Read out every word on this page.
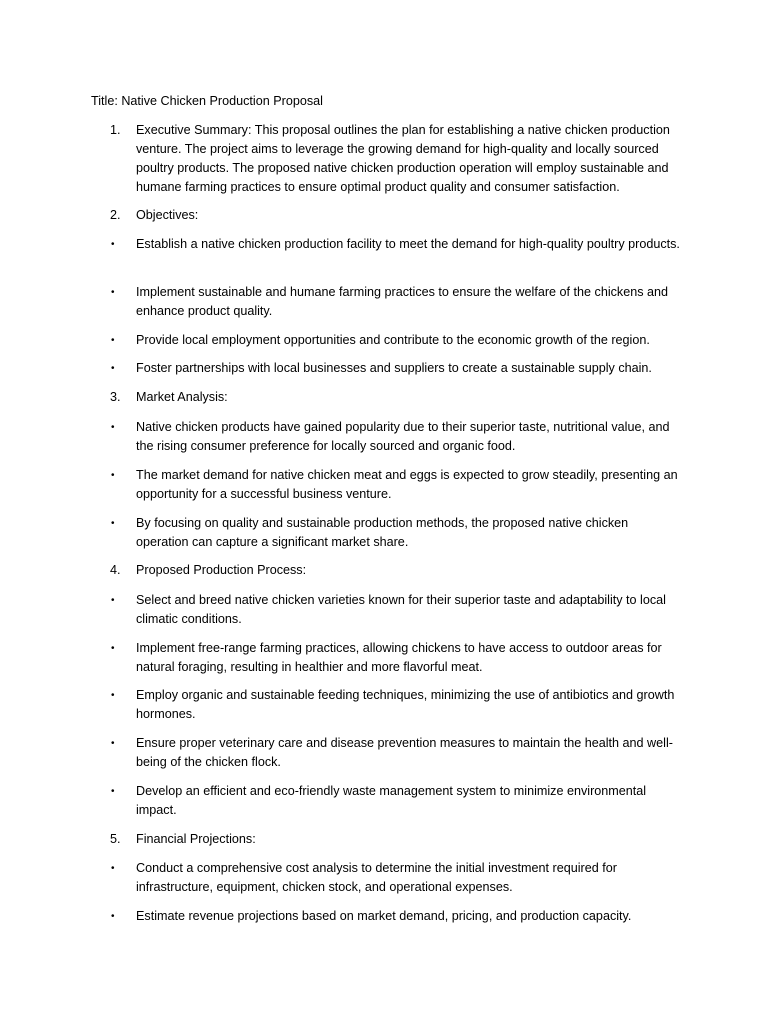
Title: Native Chicken Production Proposal
1. Executive Summary: This proposal outlines the plan for establishing a native chicken production venture. The project aims to leverage the growing demand for high-quality and locally sourced poultry products. The proposed native chicken production operation will employ sustainable and humane farming practices to ensure optimal product quality and consumer satisfaction.
2. Objectives:
• Establish a native chicken production facility to meet the demand for high-quality poultry products.
• Implement sustainable and humane farming practices to ensure the welfare of the chickens and enhance product quality.
• Provide local employment opportunities and contribute to the economic growth of the region.
• Foster partnerships with local businesses and suppliers to create a sustainable supply chain.
3. Market Analysis:
• Native chicken products have gained popularity due to their superior taste, nutritional value, and the rising consumer preference for locally sourced and organic food.
• The market demand for native chicken meat and eggs is expected to grow steadily, presenting an opportunity for a successful business venture.
• By focusing on quality and sustainable production methods, the proposed native chicken operation can capture a significant market share.
4. Proposed Production Process:
• Select and breed native chicken varieties known for their superior taste and adaptability to local climatic conditions.
• Implement free-range farming practices, allowing chickens to have access to outdoor areas for natural foraging, resulting in healthier and more flavorful meat.
• Employ organic and sustainable feeding techniques, minimizing the use of antibiotics and growth hormones.
• Ensure proper veterinary care and disease prevention measures to maintain the health and well-being of the chicken flock.
• Develop an efficient and eco-friendly waste management system to minimize environmental impact.
5. Financial Projections:
• Conduct a comprehensive cost analysis to determine the initial investment required for infrastructure, equipment, chicken stock, and operational expenses.
• Estimate revenue projections based on market demand, pricing, and production capacity.
